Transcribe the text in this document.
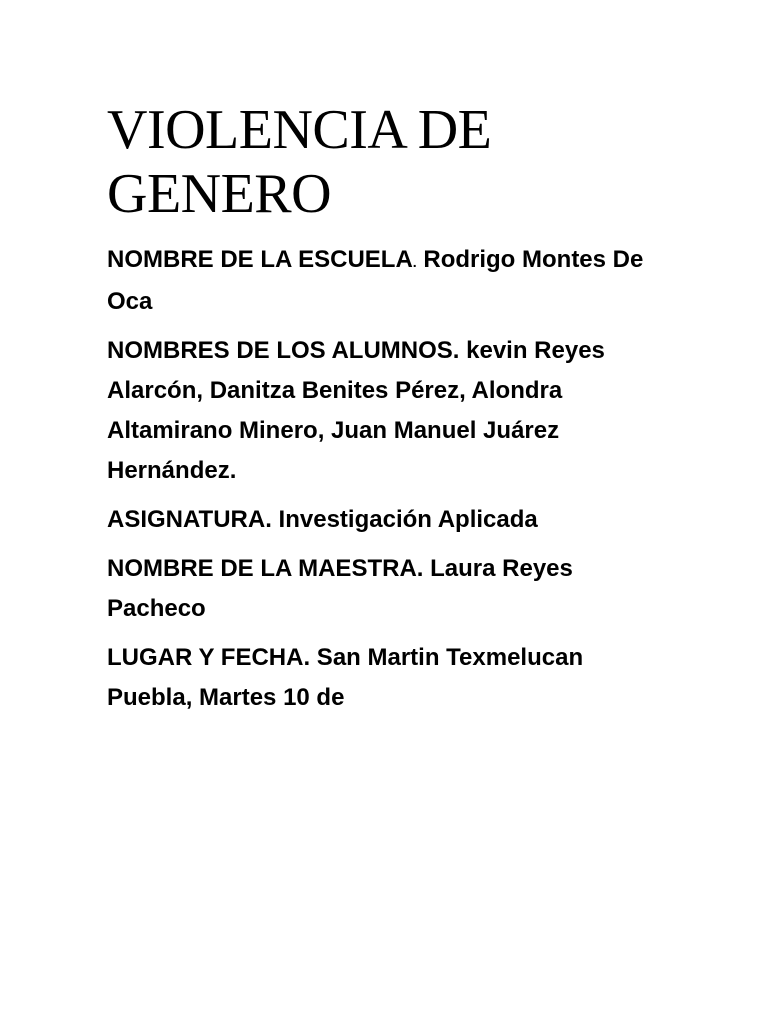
VIOLENCIA DE GENERO

NOMBRE DE LA ESCUELA. Rodrigo Montes De Oca

NOMBRES DE LOS ALUMNOS. kevin Reyes Alarcón, Danitza Benites Pérez, Alondra Altamirano Minero, Juan Manuel Juárez Hernández.

ASIGNATURA. Investigación Aplicada

NOMBRE DE LA MAESTRA. Laura Reyes Pacheco

LUGAR Y FECHA. San Martin Texmelucan Puebla, Martes 10 de
